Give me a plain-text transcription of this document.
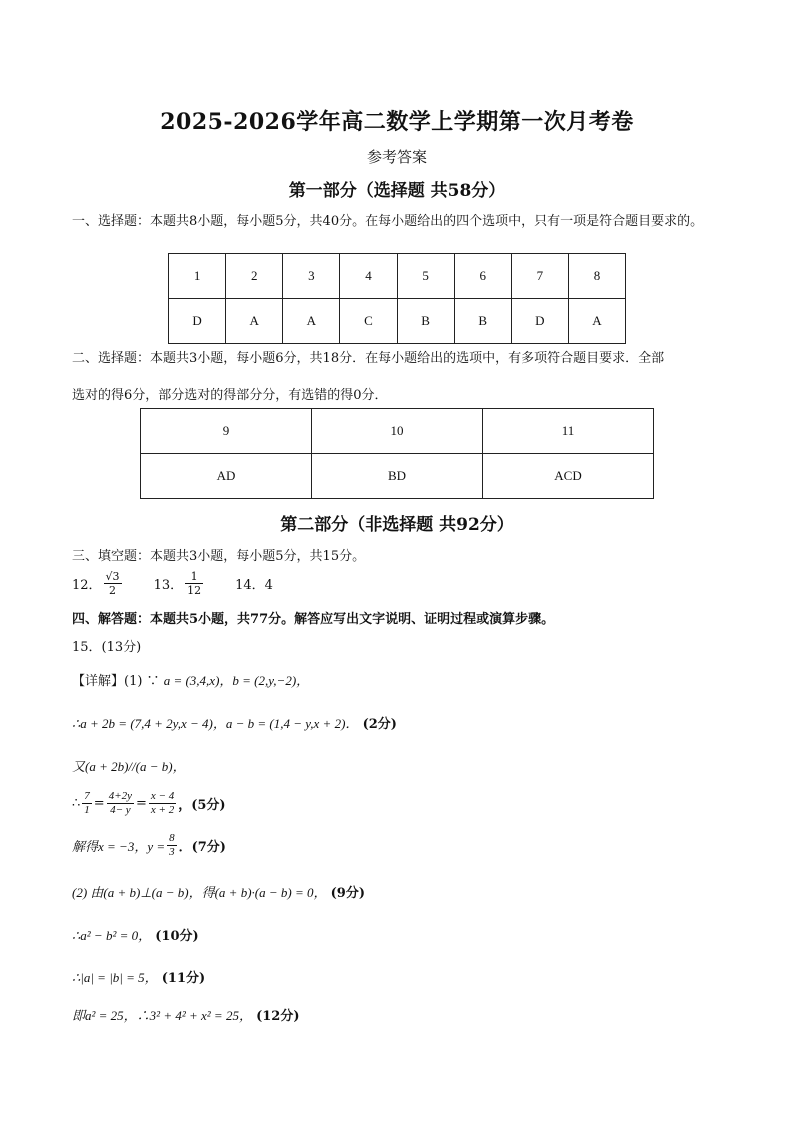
2025-2026学年高二数学上学期第一次月考卷
参考答案
第一部分（选择题 共58分）
一、选择题：本题共8小题，每小题5分，共40分。在每小题给出的四个选项中，只有一项是符合题目要求的。
1	2	3	4	5	6	7	8
D	A	A	C	B	B	D	A
二、选择题：本题共3小题，每小题6分，共18分．在每小题给出的选项中，有多项符合题目要求．全部
选对的得6分，部分选对的得部分分，有选错的得0分．
9	10	11
AD	BD	ACD
第二部分（非选择题 共92分）
三、填空题：本题共3小题，每小题5分，共15分。
12． $\frac{√3}{2} 13$． $\frac{1}{12} 14$．4
四、解答题：本题共5小题，共77分。解答应写出文字说明、证明过程或演算步骤。
15．(13分)
【详解】(1) ∵ a = (3,4,x)，b = (2,y,−2)，
∴a + 2b = (7,4 + 2y,x − 4)，a − b = (1,4 − y,x + 2)． (2分)
又(a + 2b)//(a − b)，
∴ $\frac{7}{1} = \frac{4+2y}{4- y} = \frac{x - 4}{x + 2}$ ，(5分)
解得x = −3，$y = \frac{8}{3}$ ．(7分)
(2) 由(a + b)⊥(a − b)，得(a + b)·(a − b) = 0， (9分)
∴a² − b² = 0， (10分)
∴|a| = |b| = 5， (11分)
即a² = 25，∴3² + 4² + x² = 25， (12分)
